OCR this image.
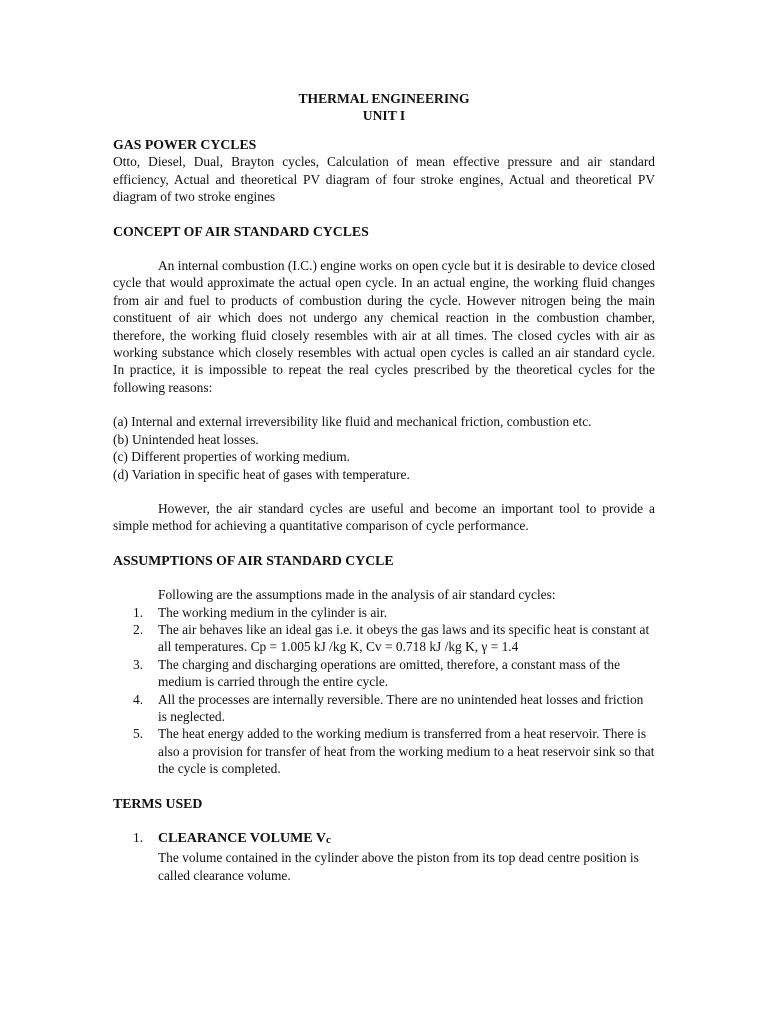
THERMAL ENGINEERING
UNIT I
GAS POWER CYCLES

Otto, Diesel, Dual, Brayton cycles, Calculation of mean effective pressure and air standard efficiency, Actual and theoretical PV diagram of four stroke engines, Actual and theoretical PV diagram of two stroke engines

CONCEPT OF AIR STANDARD CYCLES

An internal combustion (I.C.) engine works on open cycle but it is desirable to device closed cycle that would approximate the actual open cycle. In an actual engine, the working fluid changes from air and fuel to products of combustion during the cycle. However nitrogen being the main constituent of air which does not undergo any chemical reaction in the combustion chamber, therefore, the working fluid closely resembles with air at all times. The closed cycles with air as working substance which closely resembles with actual open cycles is called an air standard cycle. In practice, it is impossible to repeat the real cycles prescribed by the theoretical cycles for the following reasons:

(a) Internal and external irreversibility like fluid and mechanical friction, combustion etc.
(b) Unintended heat losses.
(c) Different properties of working medium.
(d) Variation in specific heat of gases with temperature.

However, the air standard cycles are useful and become an important tool to provide a simple method for achieving a quantitative comparison of cycle performance.

ASSUMPTIONS OF AIR STANDARD CYCLE
Following are the assumptions made in the analysis of air standard cycles:
1. The working medium in the cylinder is air.
2. The air behaves like an ideal gas i.e. it obeys the gas laws and its specific heat is constant at all temperatures. Cp = 1.005 kJ /kg K, Cv = 0.718 kJ /kg K, γ = 1.4
3. The charging and discharging operations are omitted, therefore, a constant mass of the medium is carried through the entire cycle.
4. All the processes are internally reversible. There are no unintended heat losses and friction is neglected.
5. The heat energy added to the working medium is transferred from a heat reservoir. There is also a provision for transfer of heat from the working medium to a heat reservoir sink so that the cycle is completed.
TERMS USED
1. CLEARANCE VOLUME Vc
The volume contained in the cylinder above the piston from its top dead centre position is called clearance volume.
